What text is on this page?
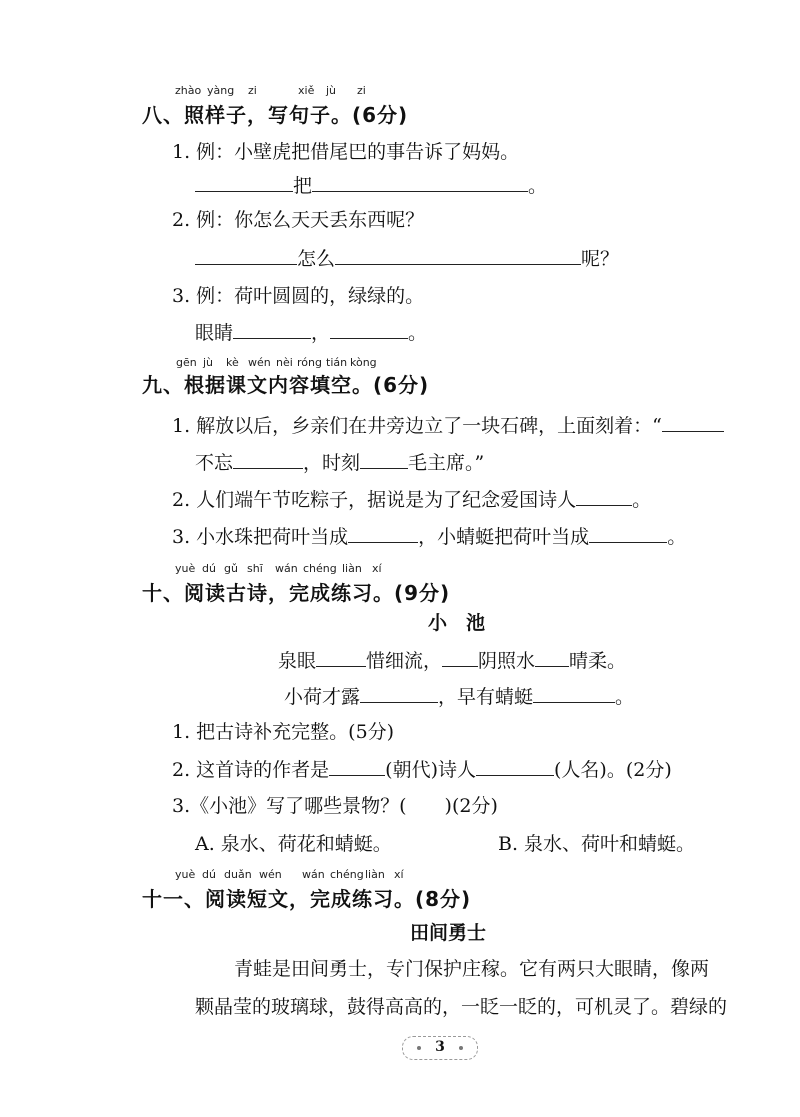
zhào yàng zi	xiě jù zi
八、照样子，写句子。(6分)
1. 例：小壁虎把借尾巴的事告诉了妈妈。
把	。
2. 例：你怎么天天丢东西呢？
怎么	呢？
3. 例：荷叶圆圆的，绿绿的。
眼睛	，	。
gēn jù kè wén nèi róng tián kòng
九、根据课文内容填空。(6分)
1. 解放以后，乡亲们在井旁边立了一块石碑，上面刻着：“
不忘	，时刻	毛主席。”
2. 人们端午节吃粽子，据说是为了纪念爱国诗人	。
3. 小水珠把荷叶当成	，小蜻蜓把荷叶当成	。
yuè dú gǔ shī wán chéng liàn xí
十、阅读古诗，完成练习。(9分)
小　池
泉眼	惜细流， 阴照水 晴柔。
小荷才露	，早有蜻蜓	。
1. 把古诗补充完整。(5分)
2. 这首诗的作者是	(朝代)诗人	(人名)。(2分)
3.《小池》写了哪些景物？(　　)(2分)
A. 泉水、荷花和蜻蜓。	B. 泉水、荷叶和蜻蜓。
yuè dú duǎn wén wán chéng liàn xí
十一、阅读短文，完成练习。(8分)
田间勇士
青蛙是田间勇士，专门保护庄稼。它有两只大眼睛，像两
颗晶莹的玻璃球，鼓得高高的，一眨一眨的，可机灵了。碧绿的
3
